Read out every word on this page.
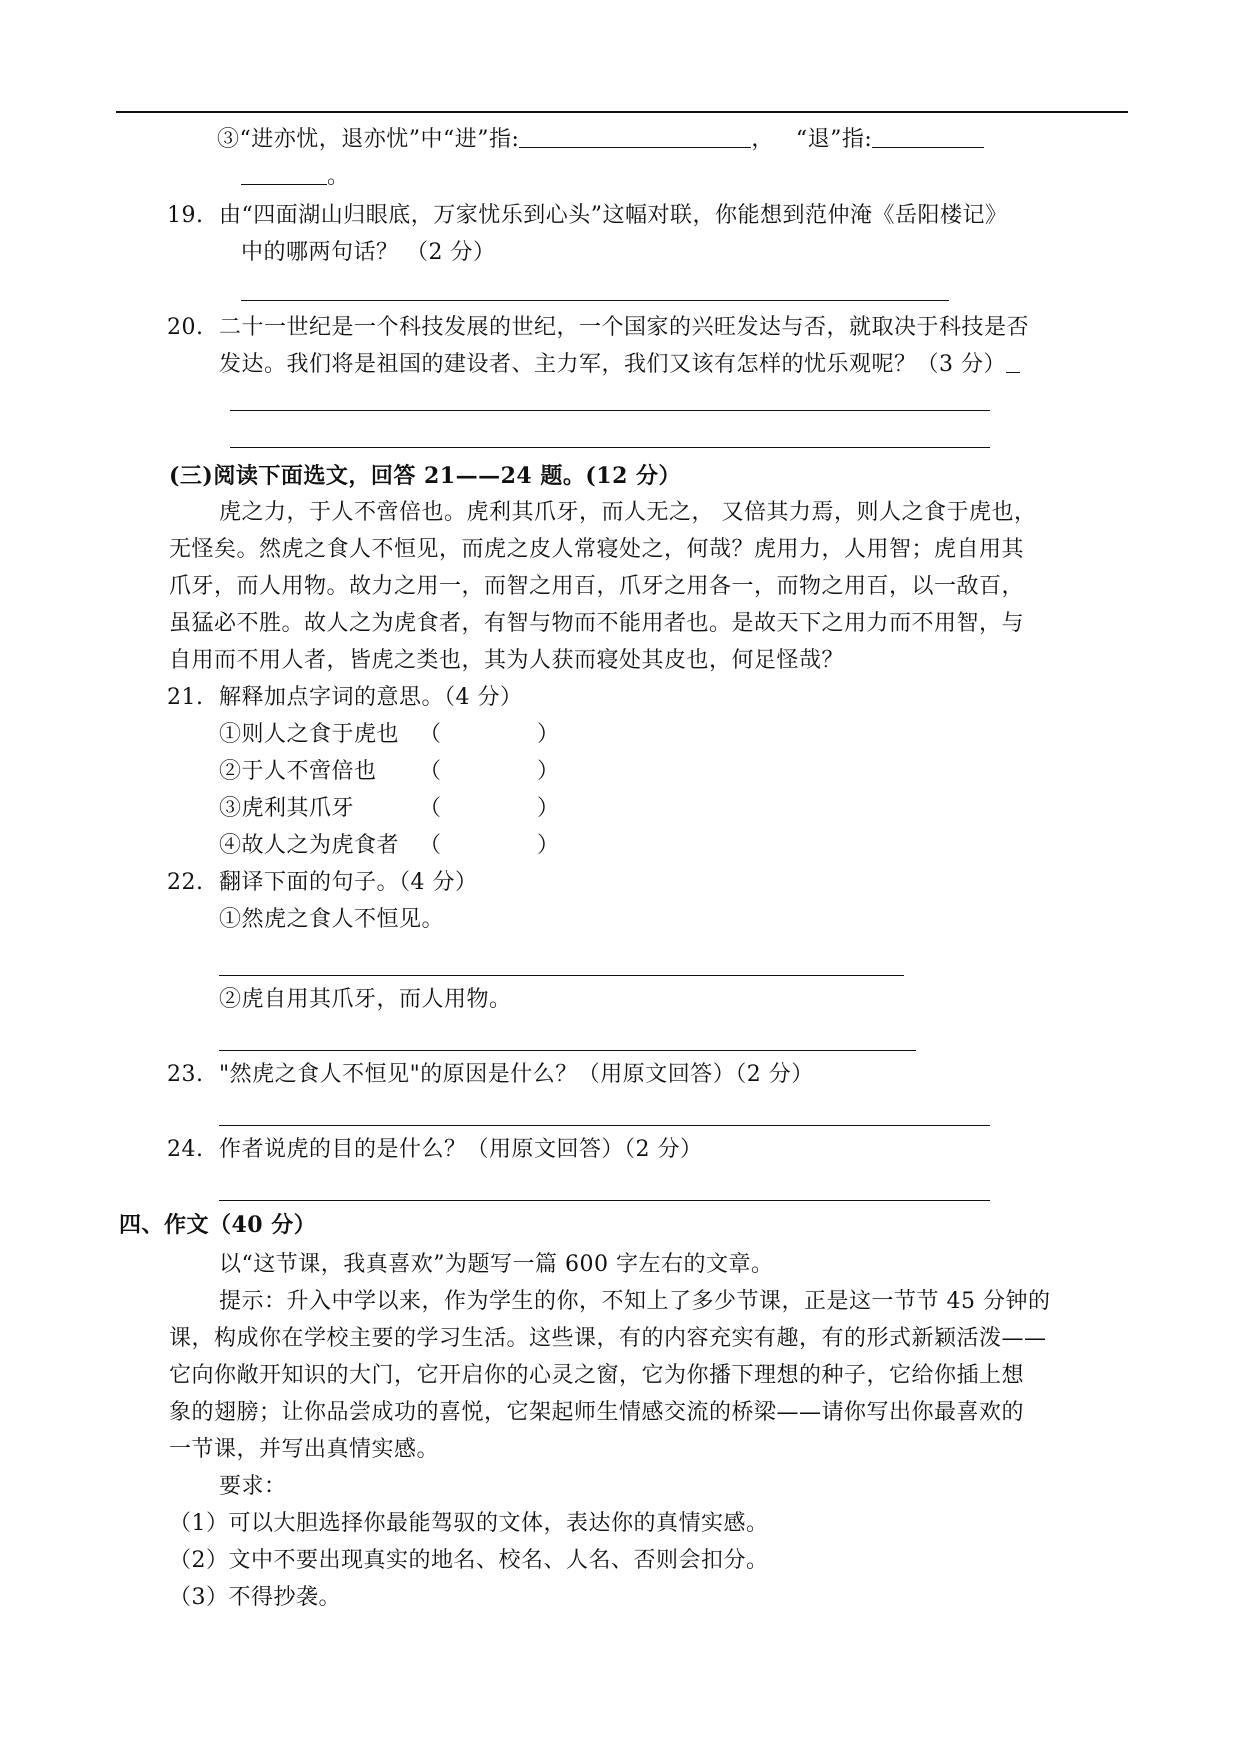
③“进亦忧，退亦忧”中“进”指:	， “退”指:
。
19. 由“四面湖山归眼底，万家忧乐到心头”这幅对联，你能想到范仲淹《岳阳楼记》
中的哪两句话？ （2 分）
20. 二十一世纪是一个科技发展的世纪，一个国家的兴旺发达与否，就取决于科技是否
发达。我们将是祖国的建设者、主力军，我们又该有怎样的忧乐观呢？（3 分）
(三)阅读下面选文，回答 21——24 题。(12 分）
虎之力，于人不啻倍也。虎利其爪牙，而人无之， 又倍其力焉，则人之食于虎也，
无怪矣。然虎之食人不恒见，而虎之皮人常寝处之，何哉？虎用力，人用智；虎自用其
爪牙，而人用物。故力之用一，而智之用百，爪牙之用各一，而物之用百，以一敌百，
虽猛必不胜。故人之为虎食者，有智与物而不能用者也。是故天下之用力而不用智，与
自用而不用人者，皆虎之类也，其为人获而寝处其皮也，何足怪哉？
21. 解释加点字词的意思。（4 分）
①则人之食于虎也 （	）
②于人不啻倍也 （	）
③虎利其爪牙	（	）
④故人之为虎食者 （	）
22. 翻译下面的句子。（4 分）
①然虎之食人不恒见。
②虎自用其爪牙，而人用物。
23. "然虎之食人不恒见"的原因是什么？（用原文回答）（2 分）
24. 作者说虎的目的是什么？（用原文回答）（2 分）
四、作文（40 分）
以“这节课，我真喜欢”为题写一篇 600 字左右的文章。
提示：升入中学以来，作为学生的你，不知上了多少节课，正是这一节节 45 分钟的
课，构成你在学校主要的学习生活。这些课，有的内容充实有趣，有的形式新颖活泼——
它向你敞开知识的大门，它开启你的心灵之窗，它为你播下理想的种子，它给你插上想
象的翅膀；让你品尝成功的喜悦，它架起师生情感交流的桥梁——请你写出你最喜欢的
一节课，并写出真情实感。
要求：
（1）可以大胆选择你最能驾驭的文体，表达你的真情实感。
（2）文中不要出现真实的地名、校名、人名、否则会扣分。
（3）不得抄袭。
